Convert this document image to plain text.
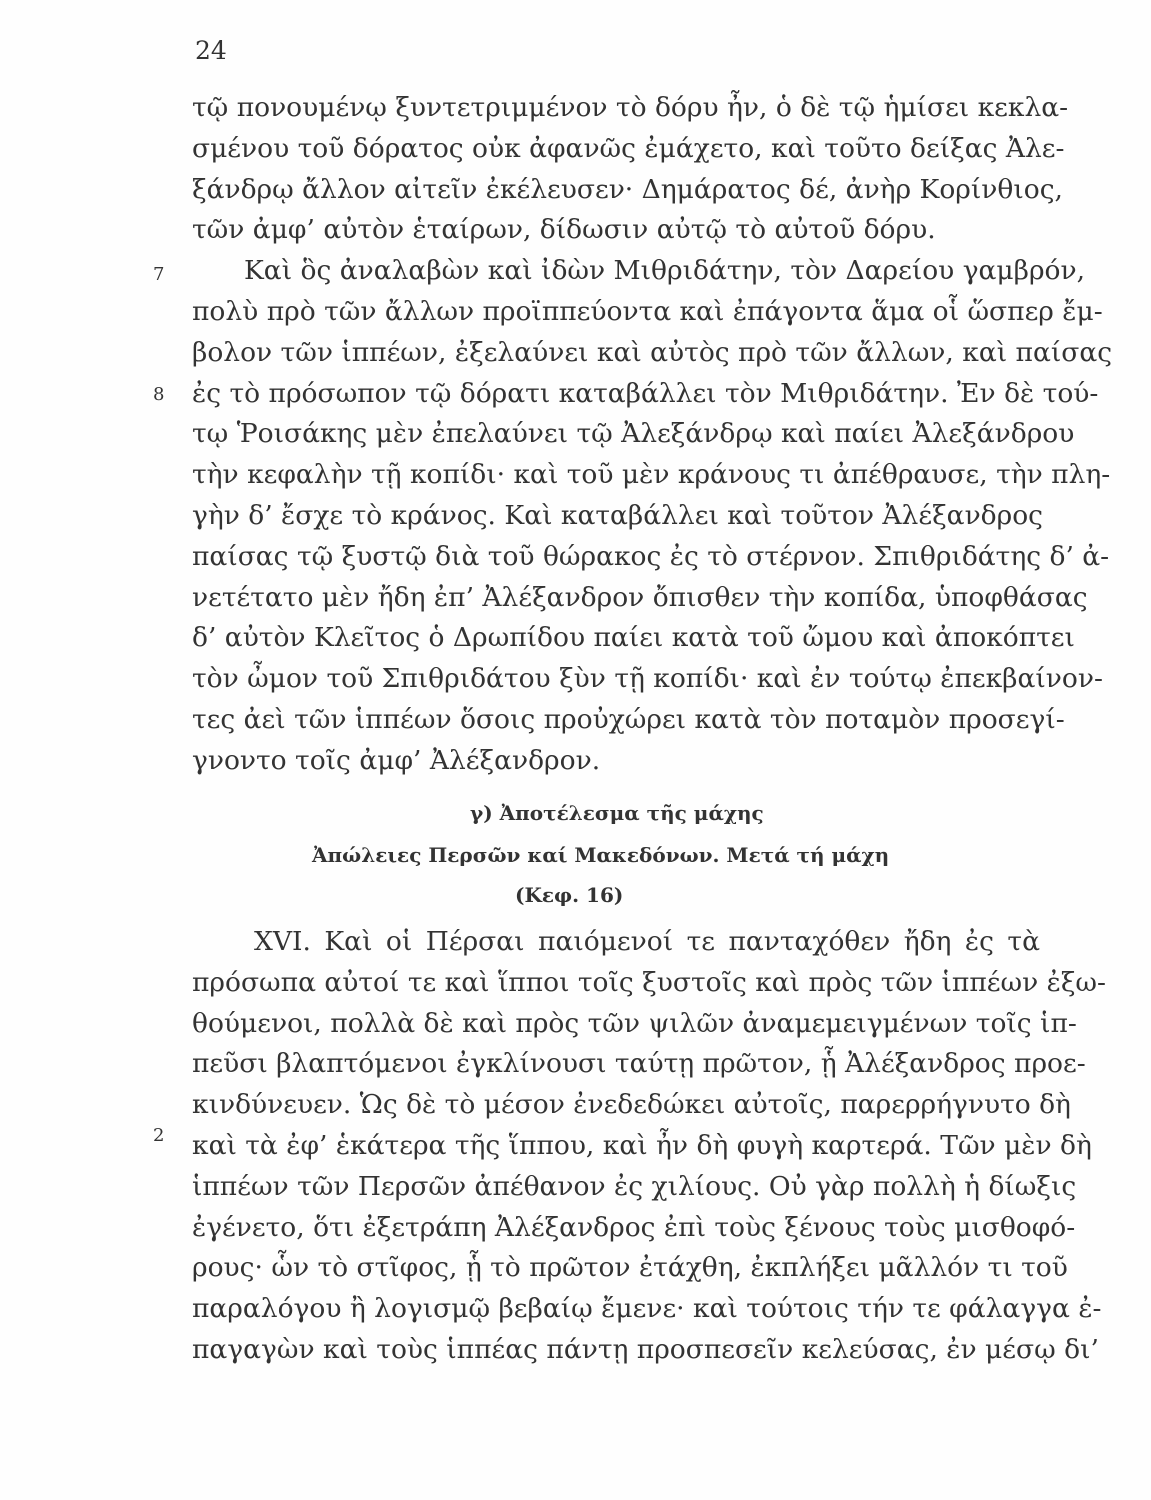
24
7
8
2
τῷ πονουμένῳ ξυντετριμμένον τὸ δόρυ ἦν, ὁ δὲ τῷ ἡμίσει κεκλα-
σμένου τοῦ δόρατος οὐκ ἀφανῶς ἐμάχετο, καὶ τοῦτο δείξας Ἀλε-
ξάνδρῳ ἄλλον αἰτεῖν ἐκέλευσεν· Δημάρατος δέ, ἀνὴρ Κορίνθιος,
τῶν ἀμφ’ αὐτὸν ἑταίρων, δίδωσιν αὐτῷ τὸ αὐτοῦ δόρυ.
Καὶ ὃς ἀναλαβὼν καὶ ἰδὼν Μιθριδάτην, τὸν Δαρείου γαμβρόν,
πολὺ πρὸ τῶν ἄλλων προϊππεύοντα καὶ ἐπάγοντα ἅμα οἷ ὥσπερ ἔμ-
βολον τῶν ἱππέων, ἐξελαύνει καὶ αὐτὸς πρὸ τῶν ἄλλων, καὶ παίσας
ἐς τὸ πρόσωπον τῷ δόρατι καταβάλλει τὸν Μιθριδάτην. Ἐν δὲ τού-
τῳ Ῥοισάκης μὲν ἐπελαύνει τῷ Ἀλεξάνδρῳ καὶ παίει Ἀλεξάνδρου
τὴν κεφαλὴν τῇ κοπίδι· καὶ τοῦ μὲν κράνους τι ἀπέθραυσε, τὴν πλη-
γὴν δ’ ἔσχε τὸ κράνος. Καὶ καταβάλλει καὶ τοῦτον Ἀλέξανδρος
παίσας τῷ ξυστῷ διὰ τοῦ θώρακος ἐς τὸ στέρνον. Σπιθριδάτης δ’ ἀ-
νετέτατο μὲν ἤδη ἐπ’ Ἀλέξανδρον ὄπισθεν τὴν κοπίδα, ὑποφθάσας
δ’ αὐτὸν Κλεῖτος ὁ Δρωπίδου παίει κατὰ τοῦ ὤμου καὶ ἀποκόπτει
τὸν ὦμον τοῦ Σπιθριδάτου ξὺν τῇ κοπίδι· καὶ ἐν τούτῳ ἐπεκβαίνον-
τες ἀεὶ τῶν ἱππέων ὅσοις προὐχώρει κατὰ τὸν ποταμὸν προσεγί-
γνοντο τοῖς ἀμφ’ Ἀλέξανδρον.
γ) Ἀποτέλεσμα τῆς μάχης
Ἀπώλειες Περσῶν καί Μακεδόνων. Μετά τή μάχη
(Κεφ. 16)
XVI. Καὶ οἱ Πέρσαι παιόμενοί τε πανταχόθεν ἤδη ἐς τὰ
πρόσωπα αὐτοί τε καὶ ἵπποι τοῖς ξυστοῖς καὶ πρὸς τῶν ἱππέων ἐξω-
θούμενοι, πολλὰ δὲ καὶ πρὸς τῶν ψιλῶν ἀναμεμειγμένων τοῖς ἱπ-
πεῦσι βλαπτόμενοι ἐγκλίνουσι ταύτῃ πρῶτον, ᾗ Ἀλέξανδρος προε-
κινδύνευεν. Ὡς δὲ τὸ μέσον ἐνεδεδώκει αὐτοῖς, παρερρήγνυτο δὴ
καὶ τὰ ἐφ’ ἑκάτερα τῆς ἵππου, καὶ ἦν δὴ φυγὴ καρτερά. Τῶν μὲν δὴ
ἱππέων τῶν Περσῶν ἀπέθανον ἐς χιλίους. Οὐ γὰρ πολλὴ ἡ δίωξις
ἐγένετο, ὅτι ἐξετράπη Ἀλέξανδρος ἐπὶ τοὺς ξένους τοὺς μισθοφό-
ρους· ὧν τὸ στῖφος, ᾗ τὸ πρῶτον ἐτάχθη, ἐκπλήξει μᾶλλόν τι τοῦ
παραλόγου ἢ λογισμῷ βεβαίῳ ἔμενε· καὶ τούτοις τήν τε φάλαγγα ἐ-
παγαγὼν καὶ τοὺς ἱππέας πάντῃ προσπεσεῖν κελεύσας, ἐν μέσῳ δι’
